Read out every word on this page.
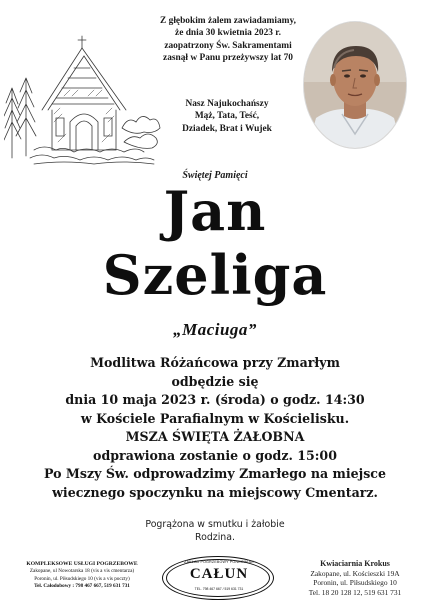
Z głębokim żalem zawiadamiamy,
że dnia 30 kwietnia 2023 r.
zaopatrzony Św. Sakramentami
zasnął w Panu przeżywszy lat 70
Nasz Najukochańszy
Mąż, Tata, Teść,
Dziadek, Brat i Wujek
Świętej Pamięci
Jan
Szeliga
„Maciuga”
Modlitwa Różańcowa przy Zmarłym
odbędzie się
dnia 10 maja 2023 r. (środa) o godz. 14:30
w Kościele Parafialnym w Kościelisku.
MSZA ŚWIĘTA ŻAŁOBNA
odprawiona zostanie o godz. 15:00
Po Mszy Św. odprowadzimy Zmarłego na miejsce
wiecznego spoczynku na miejscowy Cmentarz.
Pogrążona w smutku i żałobie
Rodzina.
KOMPLEKSOWE USŁUGI POGRZEBOWE
Zakopane, ul Nowotarska 18 (vis a vis cmentarza)
Poronin, ul. Piłsudskiego 10 (vis a vis poczty)
Tel. Całodobowy : 798 467 667, 519 631 731
ZAKŁAD POGRZEBOWY PONKOWIAK
CAŁUN
TEL. 798 467 667 / 519 631 731
Kwiaciarnia Krokus
Zakopane, ul. Kościeszki 19A
Poronin, ul. Piłsudskiego 10
Tel. 18 20 128 12, 519 631 731
